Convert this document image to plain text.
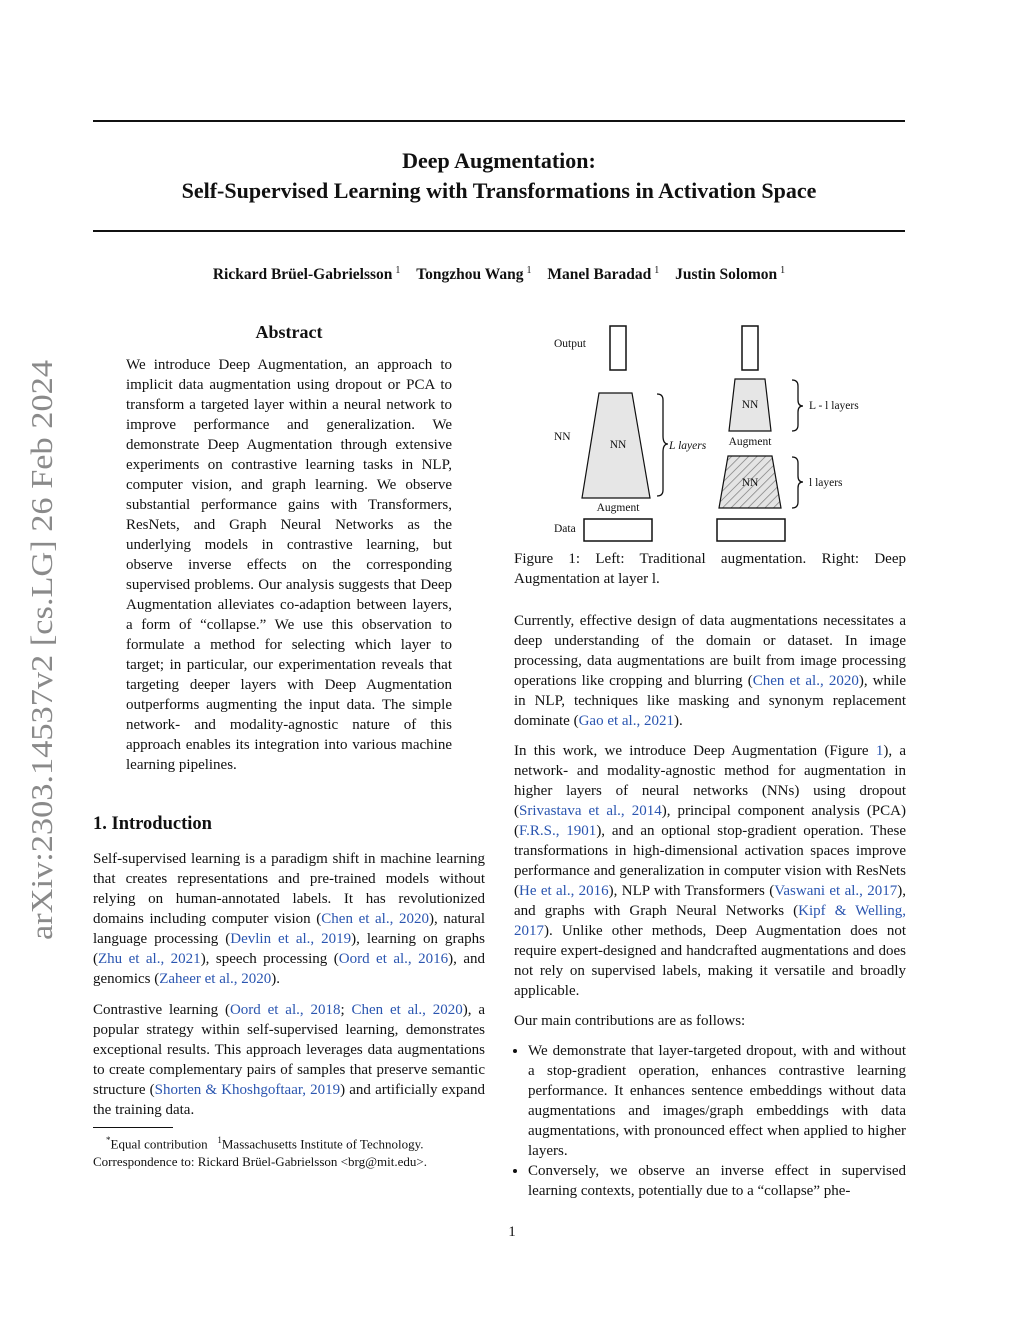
Deep Augmentation:
Self-Supervised Learning with Transformations in Activation Space
Rickard Brüel-Gabrielsson $^1$ Tongzhou Wang $^1$ Manel Baradad $^1$ Justin Solomon $^1$
arXiv:2303.14537v2 [cs.LG] 26 Feb 2024
Abstract

We introduce Deep Augmentation, an approach to implicit data augmentation using dropout or PCA to transform a targeted layer within a neural network to improve performance and generalization. We demonstrate Deep Augmentation through extensive experiments on contrastive learning tasks in NLP, computer vision, and graph learning. We observe substantial performance gains with Transformers, ResNets, and Graph Neural Networks as the underlying models in contrastive learning, but observe inverse effects on the corresponding supervised problems. Our analysis suggests that Deep Augmentation alleviates co-adaption between layers, a form of “collapse.” We use this observation to formulate a method for selecting which layer to target; in particular, our experimentation reveals that targeting deeper layers with Deep Augmentation outperforms augmenting the input data. The simple network- and modality-agnostic nature of this approach enables its integration into various machine learning pipelines.

1. Introduction

Self-supervised learning is a paradigm shift in machine learning that creates representations and pre-trained models without relying on human-annotated labels. It has revolutionized domains including computer vision (Chen et al., 2020), natural language processing (Devlin et al., 2019), learning on graphs (Zhu et al., 2021), speech processing (Oord et al., 2016), and genomics (Zaheer et al., 2020).

Contrastive learning (Oord et al., 2018; Chen et al., 2020), a popular strategy within self-supervised learning, demonstrates exceptional results. This approach leverages data augmentations to create complementary pairs of samples that preserve semantic structure (Shorten & Khoshgoftaar, 2019) and artificially expand the training data.

*Equal contribution $^1$Massachusetts Institute of Technology.
Correspondence to: Rickard Brüel-Gabrielsson <brg@mit.edu>.
Output
NN
Data
NN
Augment
L layers
NN	L - l layers
Augment
NN	l layers

Figure 1: Left: Traditional augmentation. Right: Deep Augmentation at layer l.

Currently, effective design of data augmentations necessitates a deep understanding of the domain or dataset. In image processing, data augmentations are built from image processing operations like cropping and blurring (Chen et al., 2020), while in NLP, techniques like masking and synonym replacement dominate (Gao et al., 2021).

In this work, we introduce Deep Augmentation (Figure 1), a network- and modality-agnostic method for augmentation in higher layers of neural networks (NNs) using dropout (Srivastava et al., 2014), principal component analysis (PCA) (F.R.S., 1901), and an optional stop-gradient operation. These transformations in high-dimensional activation spaces improve performance and generalization in computer vision with ResNets (He et al., 2016), NLP with Transformers (Vaswani et al., 2017), and graphs with Graph Neural Networks (Kipf & Welling, 2017). Unlike other methods, Deep Augmentation does not require expert-designed and handcrafted augmentations and does not rely on supervised labels, making it versatile and broadly applicable.

Our main contributions are as follows:

• We demonstrate that layer-targeted dropout, with and without a stop-gradient operation, enhances contrastive learning performance. It enhances sentence embeddings without data augmentations and images/graph embeddings with data augmentations, with pronounced effect when applied to higher layers.
• Conversely, we observe an inverse effect in supervised learning contexts, potentially due to a “collapse” phe-
1
